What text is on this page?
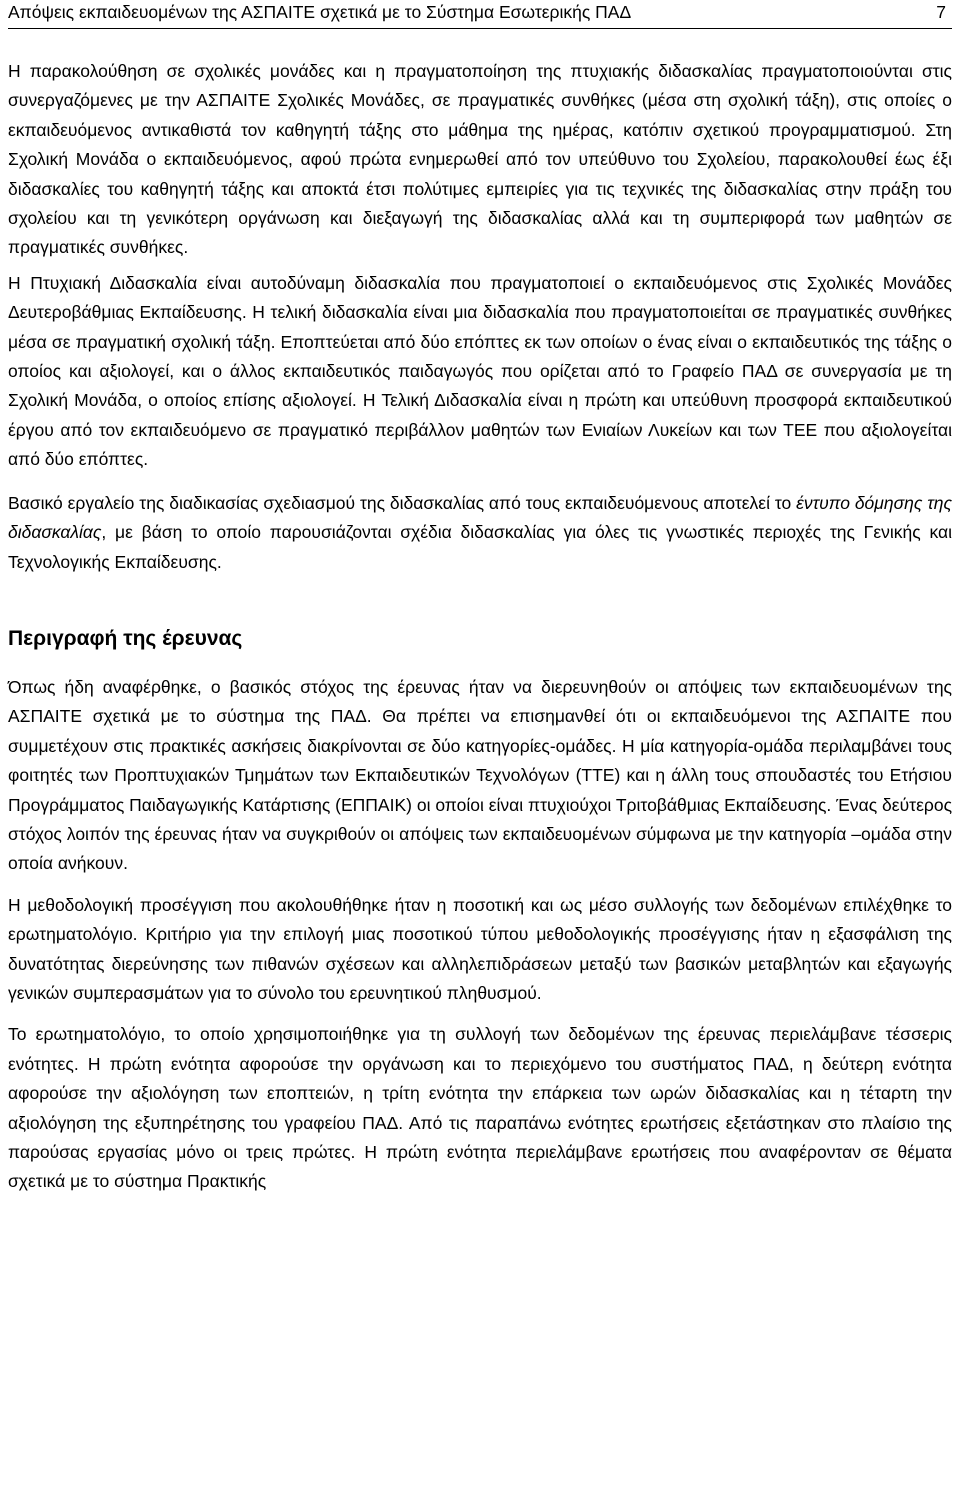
Απόψεις εκπαιδευομένων της ΑΣΠΑΙΤΕ σχετικά με το Σύστημα Εσωτερικής ΠΑΔ	7

Η παρακολούθηση σε σχολικές μονάδες και η πραγματοποίηση της πτυχιακής διδασκαλίας πραγματοποιούνται στις συνεργαζόμενες με την ΑΣΠΑΙΤΕ Σχολικές Μονάδες, σε πραγματικές συνθήκες (μέσα στη σχολική τάξη), στις οποίες ο εκπαιδευόμενος αντικαθιστά τον καθηγητή τάξης στο μάθημα της ημέρας, κατόπιν σχετικού προγραμματισμού. Στη Σχολική Μονάδα ο εκπαιδευόμενος, αφού πρώτα ενημερωθεί από τον υπεύθυνο του Σχολείου, παρακολουθεί έως έξι διδασκαλίες του καθηγητή τάξης και αποκτά έτσι πολύτιμες εμπειρίες για τις τεχνικές της διδασκαλίας στην πράξη του σχολείου και τη γενικότερη οργάνωση και διεξαγωγή της διδασκαλίας αλλά και τη συμπεριφορά των μαθητών σε πραγματικές συνθήκες.

Η Πτυχιακή Διδασκαλία είναι αυτοδύναμη διδασκαλία που πραγματοποιεί ο εκπαιδευόμενος στις Σχολικές Μονάδες Δευτεροβάθμιας Εκπαίδευσης. Η τελική διδασκαλία είναι μια διδασκαλία που πραγματοποιείται σε πραγματικές συνθήκες μέσα σε πραγματική σχολική τάξη. Εποπτεύεται από δύο επόπτες εκ των οποίων ο ένας είναι ο εκπαιδευτικός της τάξης ο οποίος και αξιολογεί, και ο άλλος εκπαιδευτικός παιδαγωγός που ορίζεται από το Γραφείο ΠΑΔ σε συνεργασία με τη Σχολική Μονάδα, ο οποίος επίσης αξιολογεί. Η Τελική Διδασκαλία είναι η πρώτη και υπεύθυνη προσφορά εκπαιδευτικού έργου από τον εκπαιδευόμενο σε πραγματικό περιβάλλον μαθητών των Ενιαίων Λυκείων και των ΤΕΕ που αξιολογείται από δύο επόπτες.

Βασικό εργαλείο της διαδικασίας σχεδιασμού της διδασκαλίας από τους εκπαιδευόμενους αποτελεί το έντυπο δόμησης της διδασκαλίας, με βάση το οποίο παρουσιάζονται σχέδια διδασκαλίας για όλες τις γνωστικές περιοχές της Γενικής και Τεχνολογικής Εκπαίδευσης.

Περιγραφή της έρευνας

Όπως ήδη αναφέρθηκε, ο βασικός στόχος της έρευνας ήταν να διερευνηθούν οι απόψεις των εκπαιδευομένων της ΑΣΠΑΙΤΕ σχετικά με το σύστημα της ΠΑΔ. Θα πρέπει να επισημανθεί ότι οι εκπαιδευόμενοι της ΑΣΠΑΙΤΕ που συμμετέχουν στις πρακτικές ασκήσεις διακρίνονται σε δύο κατηγορίες-ομάδες. Η μία κατηγορία-ομάδα περιλαμβάνει τους φοιτητές των Προπτυχιακών Τμημάτων των Εκπαιδευτικών Τεχνολόγων (ΤΤΕ) και η άλλη τους σπουδαστές του Ετήσιου Προγράμματος Παιδαγωγικής Κατάρτισης (ΕΠΠΑΙΚ) οι οποίοι είναι πτυχιούχοι Τριτοβάθμιας Εκπαίδευσης. Ένας δεύτερος στόχος λοιπόν της έρευνας ήταν να συγκριθούν οι απόψεις των εκπαιδευομένων σύμφωνα με την κατηγορία –ομάδα στην οποία ανήκουν.

Η μεθοδολογική προσέγγιση που ακολουθήθηκε ήταν η ποσοτική και ως μέσο συλλογής των δεδομένων επιλέχθηκε το ερωτηματολόγιο. Κριτήριο για την επιλογή μιας ποσοτικού τύπου μεθοδολογικής προσέγγισης ήταν η εξασφάλιση της δυνατότητας διερεύνησης των πιθανών σχέσεων και αλληλεπιδράσεων μεταξύ των βασικών μεταβλητών και εξαγωγής γενικών συμπερασμάτων για το σύνολο του ερευνητικού πληθυσμού.

Το ερωτηματολόγιο, το οποίο χρησιμοποιήθηκε για τη συλλογή των δεδομένων της έρευνας περιελάμβανε τέσσερις ενότητες. Η πρώτη ενότητα αφορούσε την οργάνωση και το περιεχόμενο του συστήματος ΠΑΔ, η δεύτερη ενότητα αφορούσε την αξιολόγηση των εποπτειών, η τρίτη ενότητα την επάρκεια των ωρών διδασκαλίας και η τέταρτη την αξιολόγηση της εξυπηρέτησης του γραφείου ΠΑΔ. Από τις παραπάνω ενότητες ερωτήσεις εξετάστηκαν στο πλαίσιο της παρούσας εργασίας μόνο οι τρεις πρώτες. Η πρώτη ενότητα περιελάμβανε ερωτήσεις που αναφέρονταν σε θέματα σχετικά με το σύστημα Πρακτικής
